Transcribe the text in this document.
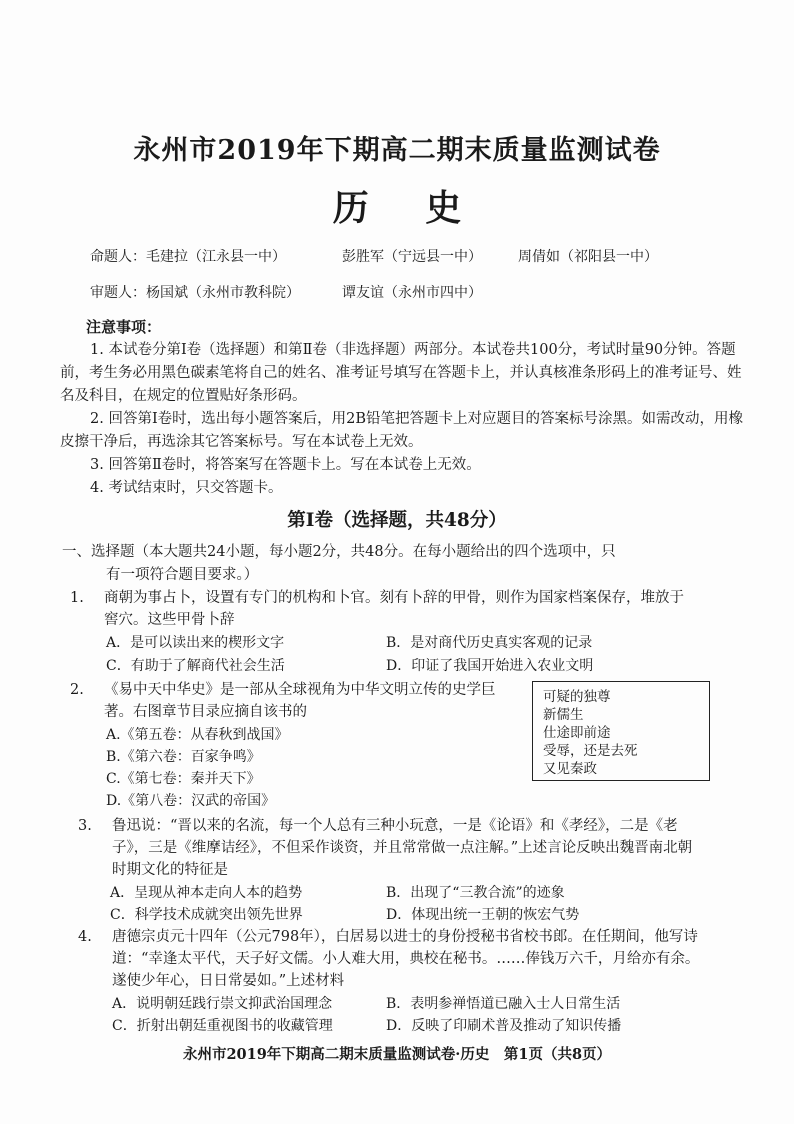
永州市2019年下期高二期末质量监测试卷
历 史
命题人： 毛建拉（江永县一中）	彭胜军（宁远县一中）	周倩如（祁阳县一中）
审题人： 杨国斌（永州市教科院）	谭友谊（永州市四中）
注意事项：

1. 本试卷分第Ⅰ卷（选择题）和第Ⅱ卷（非选择题）两部分。本试卷共100分，考试时量90分钟。答题前，考生务必用黑色碳素笔将自己的姓名、准考证号填写在答题卡上，并认真核准条形码上的准考证号、姓名及科目，在规定的位置贴好条形码。

2. 回答第Ⅰ卷时，选出每小题答案后，用2B铅笔把答题卡上对应题目的答案标号涂黑。如需改动，用橡皮擦干净后，再选涂其它答案标号。写在本试卷上无效。

3. 回答第Ⅱ卷时，将答案写在答题卡上。写在本试卷上无效。

4. 考试结束时，只交答题卡。

第Ⅰ卷（选择题，共48分）
一、选择题（本大题共24小题，每小题2分，共48分。在每小题给出的四个选项中，只
有一项符合题目要求。）
1. 商朝为事占卜，设置有专门的机构和卜官。刻有卜辞的甲骨，则作为国家档案保存，堆放于窖穴。这些甲骨卜辞
A．是可以读出来的楔形文字	B．是对商代历史真实客观的记录
C．有助于了解商代社会生活	D．印证了我国开始进入农业文明
2. 《易中天中华史》是一部从全球视角为中华文明立传的史学巨著。右图章节目录应摘自该书的
A.《第五卷：从春秋到战国》
B.《第六卷：百家争鸣》
C.《第七卷：秦并天下》
D.《第八卷：汉武的帝国》
可疑的独尊
新儒生
仕途即前途
受辱，还是去死
又见秦政
3. 鲁迅说：“晋以来的名流，每一个人总有三种小玩意，一是《论语》和《孝经》，二是《老子》，三是《维摩诘经》，不但采作谈资，并且常常做一点注解。”上述言论反映出魏晋南北朝时期文化的特征是
A．呈现从神本走向人本的趋势	B．出现了“三教合流”的迹象
C．科学技术成就突出领先世界	D．体现出统一王朝的恢宏气势
4. 唐德宗贞元十四年（公元798年），白居易以进士的身份授秘书省校书郎。在任期间，他写诗道：“幸逢太平代，天子好文儒。小人难大用，典校在秘书。……俸钱万六千，月给亦有余。遂使少年心，日日常晏如。”上述材料
A．说明朝廷践行崇文抑武治国理念	B．表明参禅悟道已融入士人日常生活
C．折射出朝廷重视图书的收藏管理	D．反映了印刷术普及推动了知识传播
永州市2019年下期高二期末质量监测试卷·历史　第1页（共8页）
